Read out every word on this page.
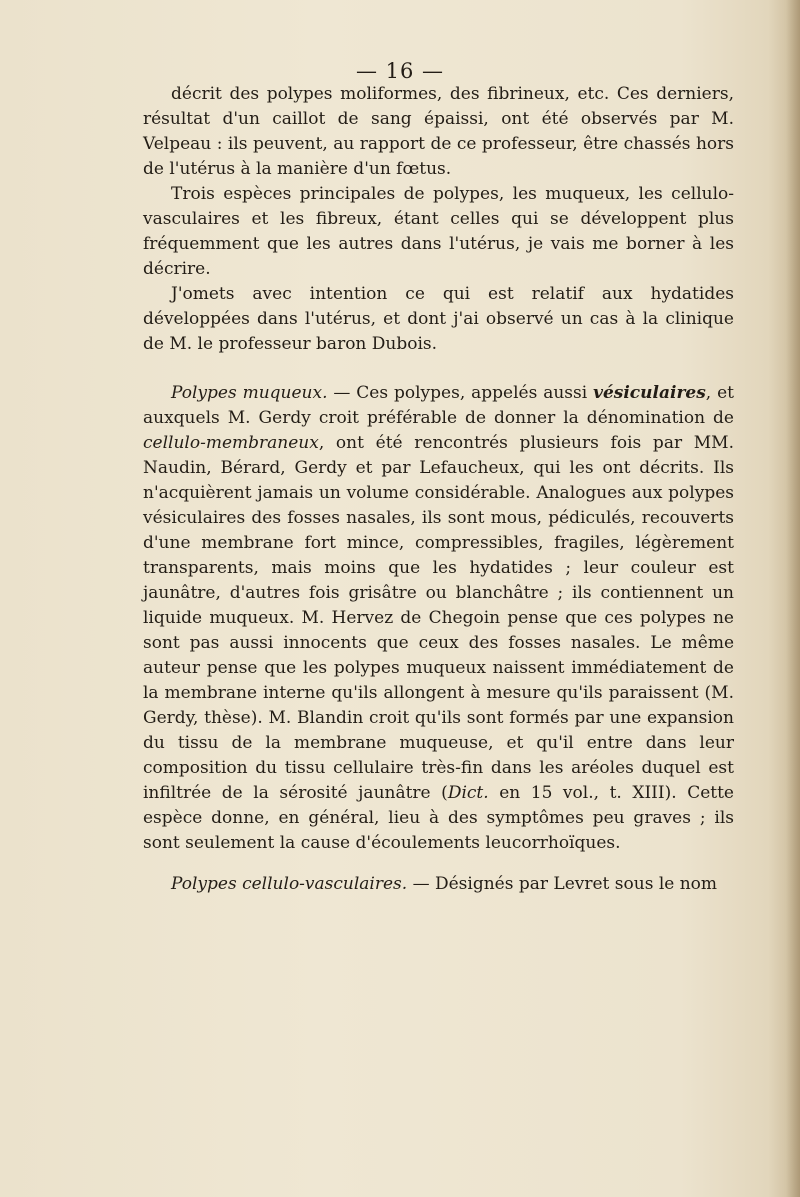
— 16 —

décrit des polypes moliformes, des fibrineux, etc. Ces derniers, résultat d'un caillot de sang épaissi, ont été observés par M. Velpeau : ils peuvent, au rapport de ce professeur, être chassés hors de l'utérus à la manière d'un fœtus.

Trois espèces principales de polypes, les muqueux, les cellulo-vasculaires et les fibreux, étant celles qui se développent plus fréquemment que les autres dans l'utérus, je vais me borner à les décrire.

J'omets avec intention ce qui est relatif aux hydatides développées dans l'utérus, et dont j'ai observé un cas à la clinique de M. le professeur baron Dubois.

Polypes muqueux. — Ces polypes, appelés aussi vésiculaires, et auxquels M. Gerdy croit préférable de donner la dénomination de cellulo-membraneux, ont été rencontrés plusieurs fois par MM. Naudin, Bérard, Gerdy et par Lefaucheux, qui les ont décrits. Ils n'acquièrent jamais un volume considérable. Analogues aux polypes vésiculaires des fosses nasales, ils sont mous, pédiculés, recouverts d'une membrane fort mince, compressibles, fragiles, légèrement transparents, mais moins que les hydatides ; leur couleur est jaunâtre, d'autres fois grisâtre ou blanchâtre ; ils contiennent un liquide muqueux. M. Hervez de Chegoin pense que ces polypes ne sont pas aussi innocents que ceux des fosses nasales. Le même auteur pense que les polypes muqueux naissent immédiatement de la membrane interne qu'ils allongent à mesure qu'ils paraissent (M. Gerdy, thèse). M. Blandin croit qu'ils sont formés par une expansion du tissu de la membrane muqueuse, et qu'il entre dans leur composition du tissu cellulaire très-fin dans les aréoles duquel est infiltrée de la sérosité jaunâtre (Dict. en 15 vol., t. XIII). Cette espèce donne, en général, lieu à des symptômes peu graves ; ils sont seulement la cause d'écoulements leucorrhoïques.

Polypes cellulo-vasculaires. — Désignés par Levret sous le nom
